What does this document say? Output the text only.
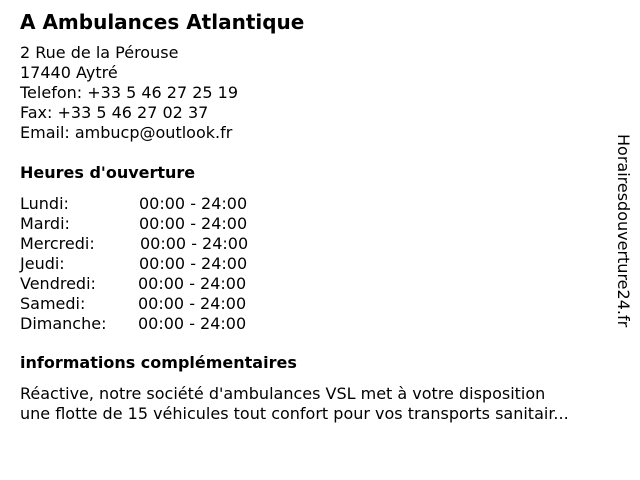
A Ambulances Atlantique
2 Rue de la Pérouse
17440 Aytré
Telefon: +33 5 46 27 25 19
Fax: +33 5 46 27 02 37
Email: ambucp@outlook.fr
Heures d'ouverture
Lundi:	00:00 - 24:00
Mardi:	00:00 - 24:00
Mercredi:	00:00 - 24:00
Jeudi:	00:00 - 24:00
Vendredi:	00:00 - 24:00
Samedi:	00:00 - 24:00
Dimanche: 00:00 - 24:00
informations complémentaires
Réactive, notre société d'ambulances VSL met à votre disposition
une flotte de 15 véhicules tout confort pour vos transports sanitair...
Horairesdouverture24.fr
